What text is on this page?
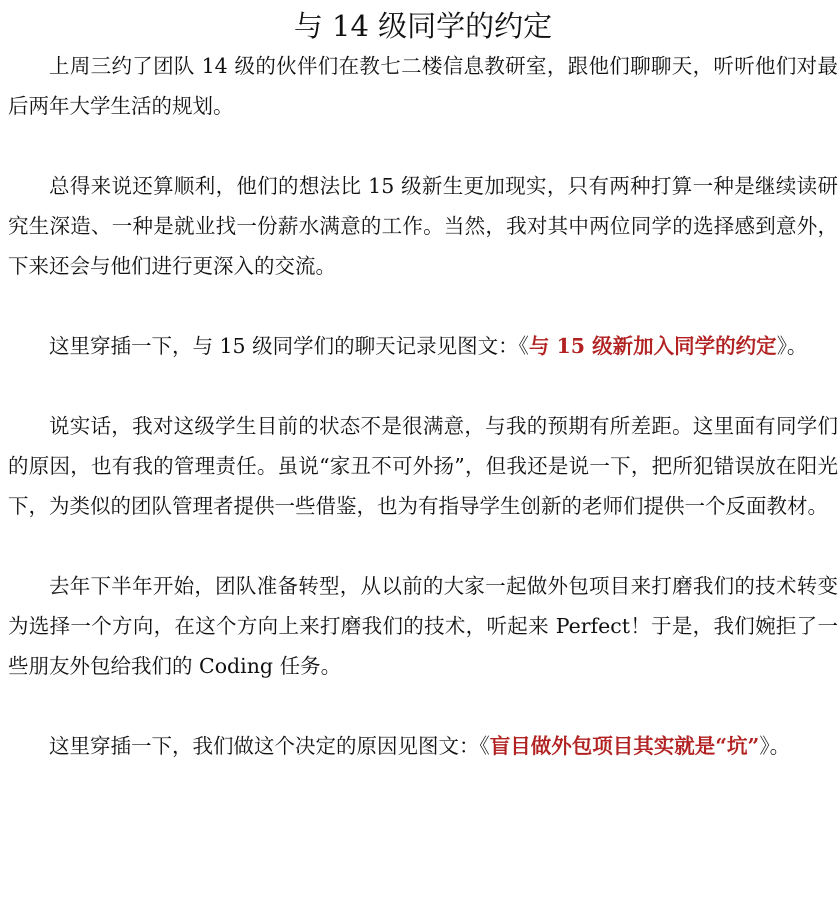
与 14 级同学的约定

上周三约了团队 14 级的伙伴们在教七二楼信息教研室，跟他们聊聊天，听听他们对最后两年大学生活的规划。

总得来说还算顺利，他们的想法比 15 级新生更加现实，只有两种打算一种是继续读研究生深造、一种是就业找一份薪水满意的工作。当然，我对其中两位同学的选择感到意外，下来还会与他们进行更深入的交流。

这里穿插一下，与 15 级同学们的聊天记录见图文：《与 15 级新加入同学的约定》。

说实话，我对这级学生目前的状态不是很满意，与我的预期有所差距。这里面有同学们的原因，也有我的管理责任。虽说“家丑不可外扬”，但我还是说一下，把所犯错误放在阳光下，为类似的团队管理者提供一些借鉴，也为有指导学生创新的老师们提供一个反面教材。

去年下半年开始，团队准备转型，从以前的大家一起做外包项目来打磨我们的技术转变为选择一个方向，在这个方向上来打磨我们的技术，听起来 Perfect！于是，我们婉拒了一些朋友外包给我们的 Coding 任务。

这里穿插一下，我们做这个决定的原因见图文：《盲目做外包项目其实就是“坑”》。
